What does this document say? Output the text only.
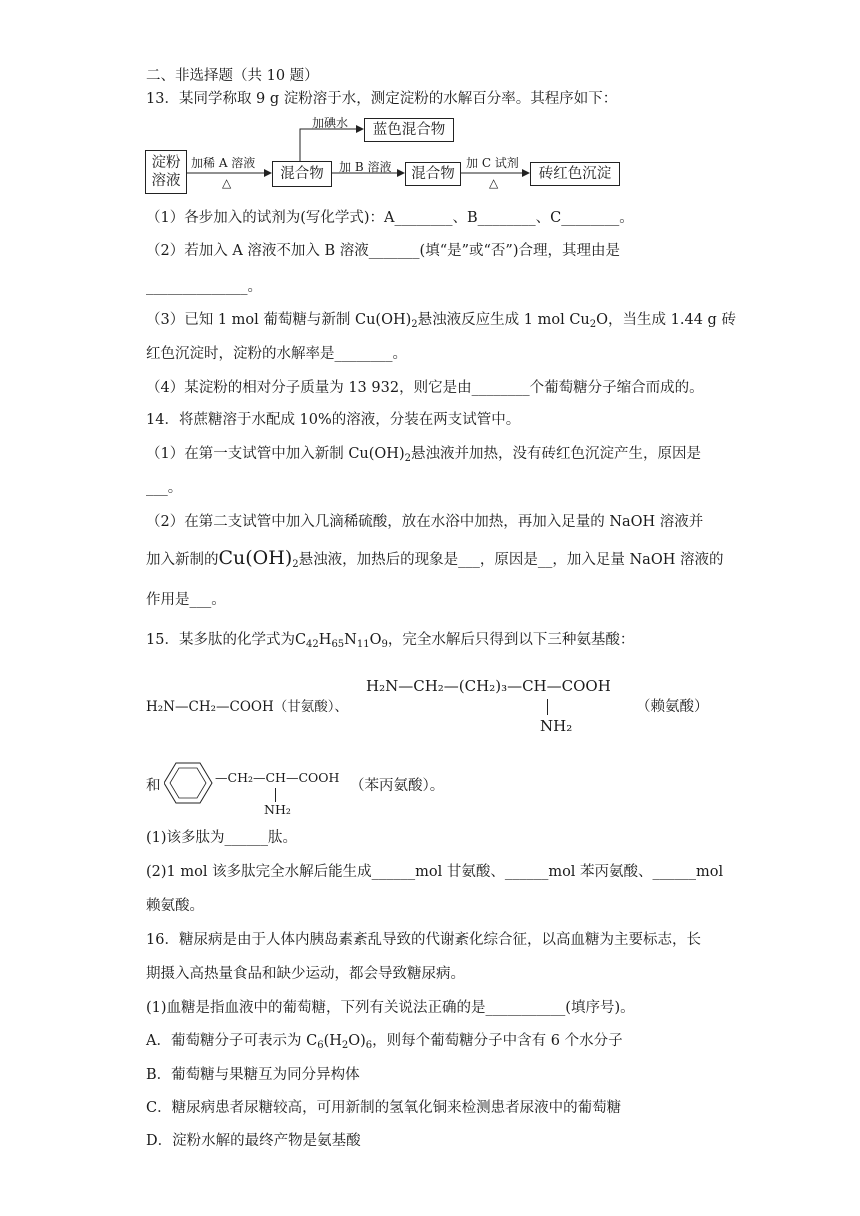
二、非选择题（共 10 题）
13．某同学称取 9 g 淀粉溶于水，测定淀粉的水解百分率。其程序如下：
淀粉
溶液
加稀 A 溶液
△
混合物
加碘水	蓝色混合物
加 B 溶液	混合物
加 C 试剂
△
砖红色沉淀
（1）各步加入的试剂为(写化学式)：A________、B________、C________。
（2）若加入 A 溶液不加入 B 溶液_______(填“是”或“否”)合理，其理由是
______________。
（3）已知 1 mol 葡萄糖与新制 $Cu(OH)_2$悬浊液反应生成 1 mol $Cu_2O$，当生成 1.44 g 砖
红色沉淀时，淀粉的水解率是________。
（4）某淀粉的相对分子质量为 13 932，则它是由________个葡萄糖分子缩合而成的。
14．将蔗糖溶于水配成 10%的溶液，分装在两支试管中。
（1）在第一支试管中加入新制 $Cu(OH)_2$悬浊液并加热，没有砖红色沉淀产生，原因是
___。
（2）在第二支试管中加入几滴稀硫酸，放在水浴中加热，再加入足量的 NaOH 溶液并
加入新制的$Cu(OH)_2$悬浊液，加热后的现象是___，原因是__，加入足量 NaOH 溶液的
作用是___。
15．某多肽的化学式为$C_{42}H_{65}N_{11}O_9$，完全水解后只得到以下三种氨基酸：
H₂N—CH₂—COOH（甘氨酸）、
H₂N—CH₂—(CH₂)₃—CH—COOH
NH₂
（赖氨酸）
和
—CH₂—CH—COOH
NH₂
（苯丙氨酸）。
(1)该多肽为______肽。
(2)1 mol 该多肽完全水解后能生成______mol 甘氨酸、______mol 苯丙氨酸、______mol
赖氨酸。
16．糖尿病是由于人体内胰岛素紊乱导致的代谢紊化综合征，以高血糖为主要标志，长
期摄入高热量食品和缺少运动，都会导致糖尿病。
(1)血糖是指血液中的葡萄糖，下列有关说法正确的是___________(填序号)。
A．葡萄糖分子可表示为 $C_6(H_2O)_6$，则每个葡萄糖分子中含有 6 个水分子
B．葡萄糖与果糖互为同分异构体
C．糖尿病患者尿糖较高，可用新制的氢氧化铜来检测患者尿液中的葡萄糖
D．淀粉水解的最终产物是氨基酸
